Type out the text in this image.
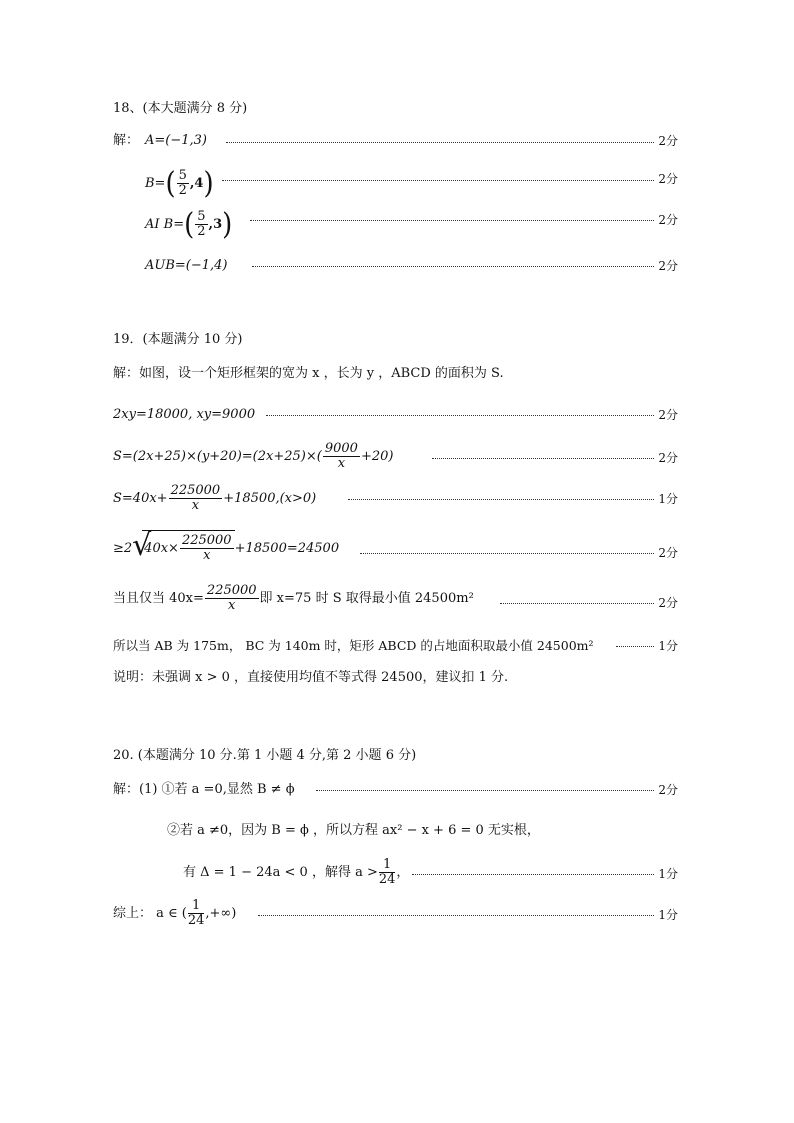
18、(本大题满分 8 分)
解： A=(−1,3)	2分
$B=( \frac{5}{2} ,4)$	2分
AI $B=( \frac{5}{2} ,3)$	2分
AUB=(−1,4)	2分
19．(本题满分 10 分)
解：如图，设一个矩形框架的宽为 x ，长为 y ，ABCD 的面积为 S.
2xy=18000, xy=9000	2分
$S=(2x+25)\times(y+20)=(2x+25)\times( \frac{9000}{x} +20)$	2分
$S=40x+ \frac{225000}{x} +18500,(x>0)$	1分
≥2 √
$40x\times \frac{225000}{x} +18500=24500$	2分
当且仅当 $40x= \frac{225000}{x}$ 即 x=75 时 S 取得最小值 24500m²	2分
所以当 AB 为 175m， BC 为 140m 时，矩形 ABCD 的占地面积取最小值 24500m²	1分
说明：未强调 x > 0 ，直接使用均值不等式得 24500，建议扣 1 分.
20. (本题满分 10 分.第 1 小题 4 分,第 2 小题 6 分)
解：(1) ①若 a =0,显然 B ≠ ϕ	2分
②若 a ≠0，因为 B = ϕ ，所以方程 ax² − x + 6 = 0 无实根，
有 Δ = 1 − 24a < 0 ，解得 $a > \frac{1}{24}$ ，	1分
综上： a ∈ ( $\frac{1}{24}$ ,+∞)	1分
